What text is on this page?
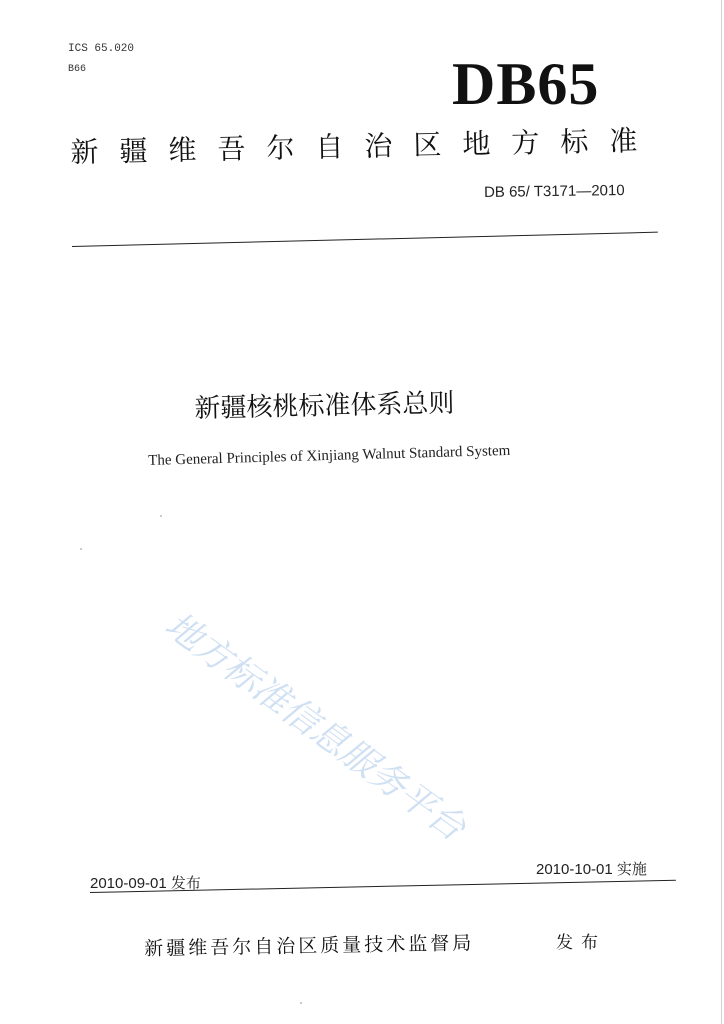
ICS 65.020
B66	DB65
新疆维吾尔自治区地方标准
DB 65/ T3171—2010
新疆核桃标准体系总则
The General Principles of Xinjiang Walnut Standard System
地方标准信息服务平台
2010-09-01 发布
2010-10-01 实施
新疆维吾尔自治区质量技术监督局	发布
